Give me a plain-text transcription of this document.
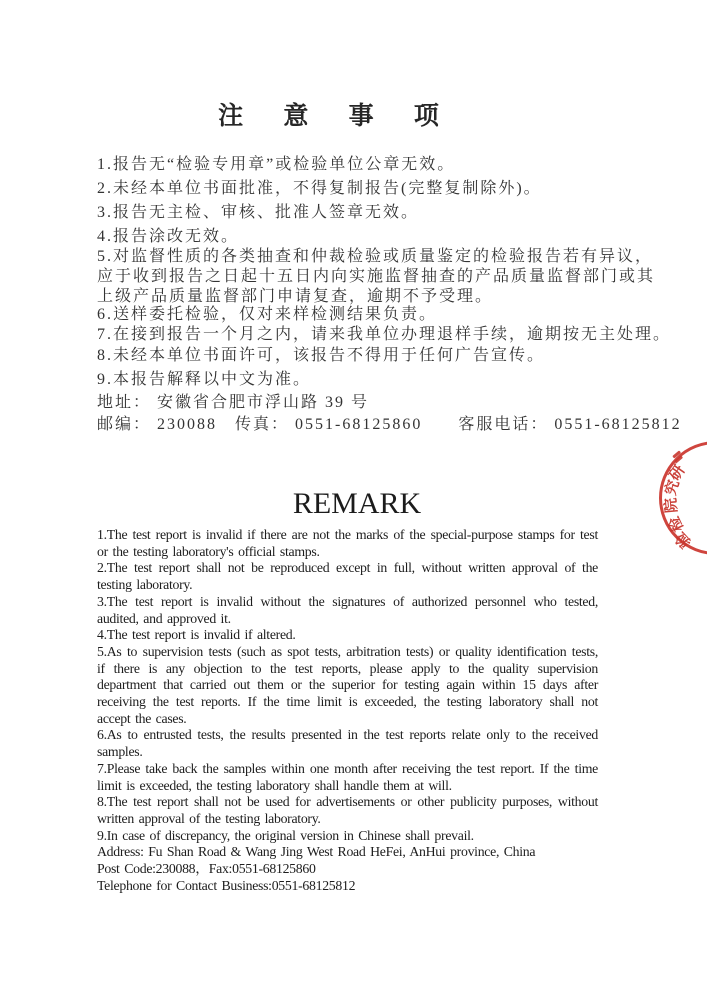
注 意 事 项

1.报告无“检验专用章”或检验单位公章无效。

2.未经本单位书面批准，不得复制报告(完整复制除外)。

3.报告无主检、审核、批准人签章无效。

4.报告涂改无效。

5.对监督性质的各类抽查和仲裁检验或质量鉴定的检验报告若有异议，应于收到报告之日起十五日内向实施监督抽查的产品质量监督部门或其上级产品质量监督部门申请复查，逾期不予受理。

6.送样委托检验，仅对来样检测结果负责。

7.在接到报告一个月之内，请来我单位办理退样手续，逾期按无主处理。

8.未经本单位书面许可，该报告不得用于任何广告宣传。

9.本报告解释以中文为准。

地址： 安徽省合肥市浮山路 39 号

邮编： 230088　传真： 0551-68125860　　客服电话： 0551-68125812

REMARK

1.The test report is invalid if there are not the marks of the special-purpose stamps for test or the testing laboratory's official stamps.

2.The test report shall not be reproduced except in full, without written approval of the testing laboratory.

3.The test report is invalid without the signatures of authorized personnel who tested, audited, and approved it.

4.The test report is invalid if altered.

5.As to supervision tests (such as spot tests, arbitration tests) or quality identification tests, if there is any objection to the test reports, please apply to the quality supervision department that carried out them or the superior for testing again within 15 days after receiving the test reports. If the time limit is exceeded, the testing laboratory shall not accept the cases.

6.As to entrusted tests, the results presented in the test reports relate only to the received samples.

7.Please take back the samples within one month after receiving the test report. If the time limit is exceeded, the testing laboratory shall handle them at will.

8.The test report shall not be used for advertisements or other publicity purposes, without written approval of the testing laboratory.

9.In case of discrepancy, the original version in Chinese shall prevail.

Address: Fu Shan Road & Wang Jing West Road HeFei, AnHui province, China

Post Code:230088，Fax:0551-68125860

Telephone for Contact Business:0551-68125812

研
究
院
检
验
